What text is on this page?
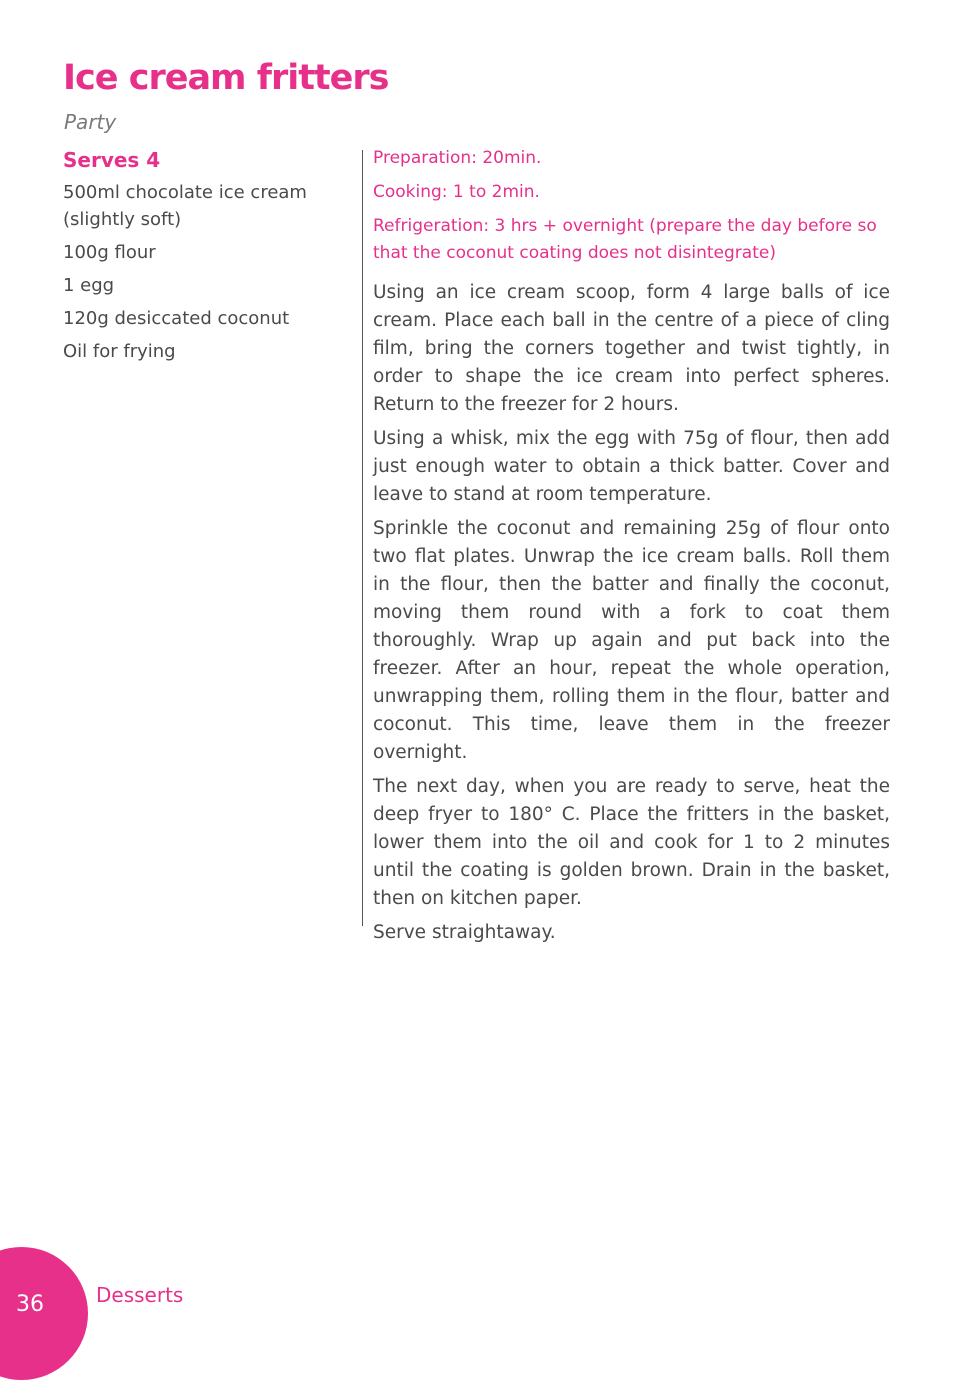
Ice cream fritters
Party
Serves 4
500ml chocolate ice cream (slightly soft)
100g flour
1 egg
120g desiccated coconut
Oil for frying
Preparation: 20min.
Cooking: 1 to 2min.
Refrigeration: 3 hrs + overnight (prepare the day before so that the coconut coating does not disintegrate)

Using an ice cream scoop, form 4 large balls of ice cream. Place each ball in the centre of a piece of cling film, bring the corners together and twist tightly, in order to shape the ice cream into perfect spheres. Return to the freezer for 2 hours.

Using a whisk, mix the egg with 75g of flour, then add just enough water to obtain a thick batter. Cover and leave to stand at room temperature.

Sprinkle the coconut and remaining 25g of flour onto two flat plates. Unwrap the ice cream balls. Roll them in the flour, then the batter and finally the coconut, moving them round with a fork to coat them thoroughly. Wrap up again and put back into the freezer. After an hour, repeat the whole operation, unwrapping them, rolling them in the flour, batter and coconut. This time, leave them in the freezer overnight.

The next day, when you are ready to serve, heat the deep fryer to 180° C. Place the fritters in the basket, lower them into the oil and cook for 1 to 2 minutes until the coating is golden brown. Drain in the basket, then on kitchen paper.

Serve straightaway.

36	Desserts
